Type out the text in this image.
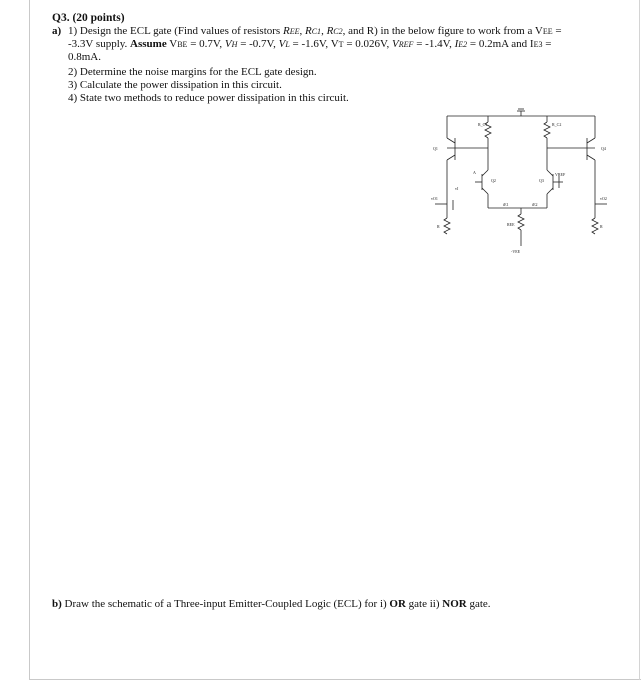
Q3. (20 points)
a) 1) Design the ECL gate (Find values of resistors REE, RC1, RC2, and R) in the below figure to work from a VEE =
-3.3V supply. Assume VBE = 0.7V, VH = -0.7V, VL = -1.6V, VT = 0.026V, VREF = -1.4V, IE2 = 0.2mA and IE3 =
0.8mA.
2) Determine the noise margins for the ECL gate design.
3) Calculate the power dissipation in this circuit.
4) State two methods to reduce power dissipation in this circuit.
R_C1	R_C2
Q1	Q4
Q2	Q3
A	VREF
vO1	vO2
vI
iE1	iE2
REE
-VEE
R	R
b) Draw the schematic of a Three-input Emitter-Coupled Logic (ECL) for i) OR gate ii) NOR gate.
